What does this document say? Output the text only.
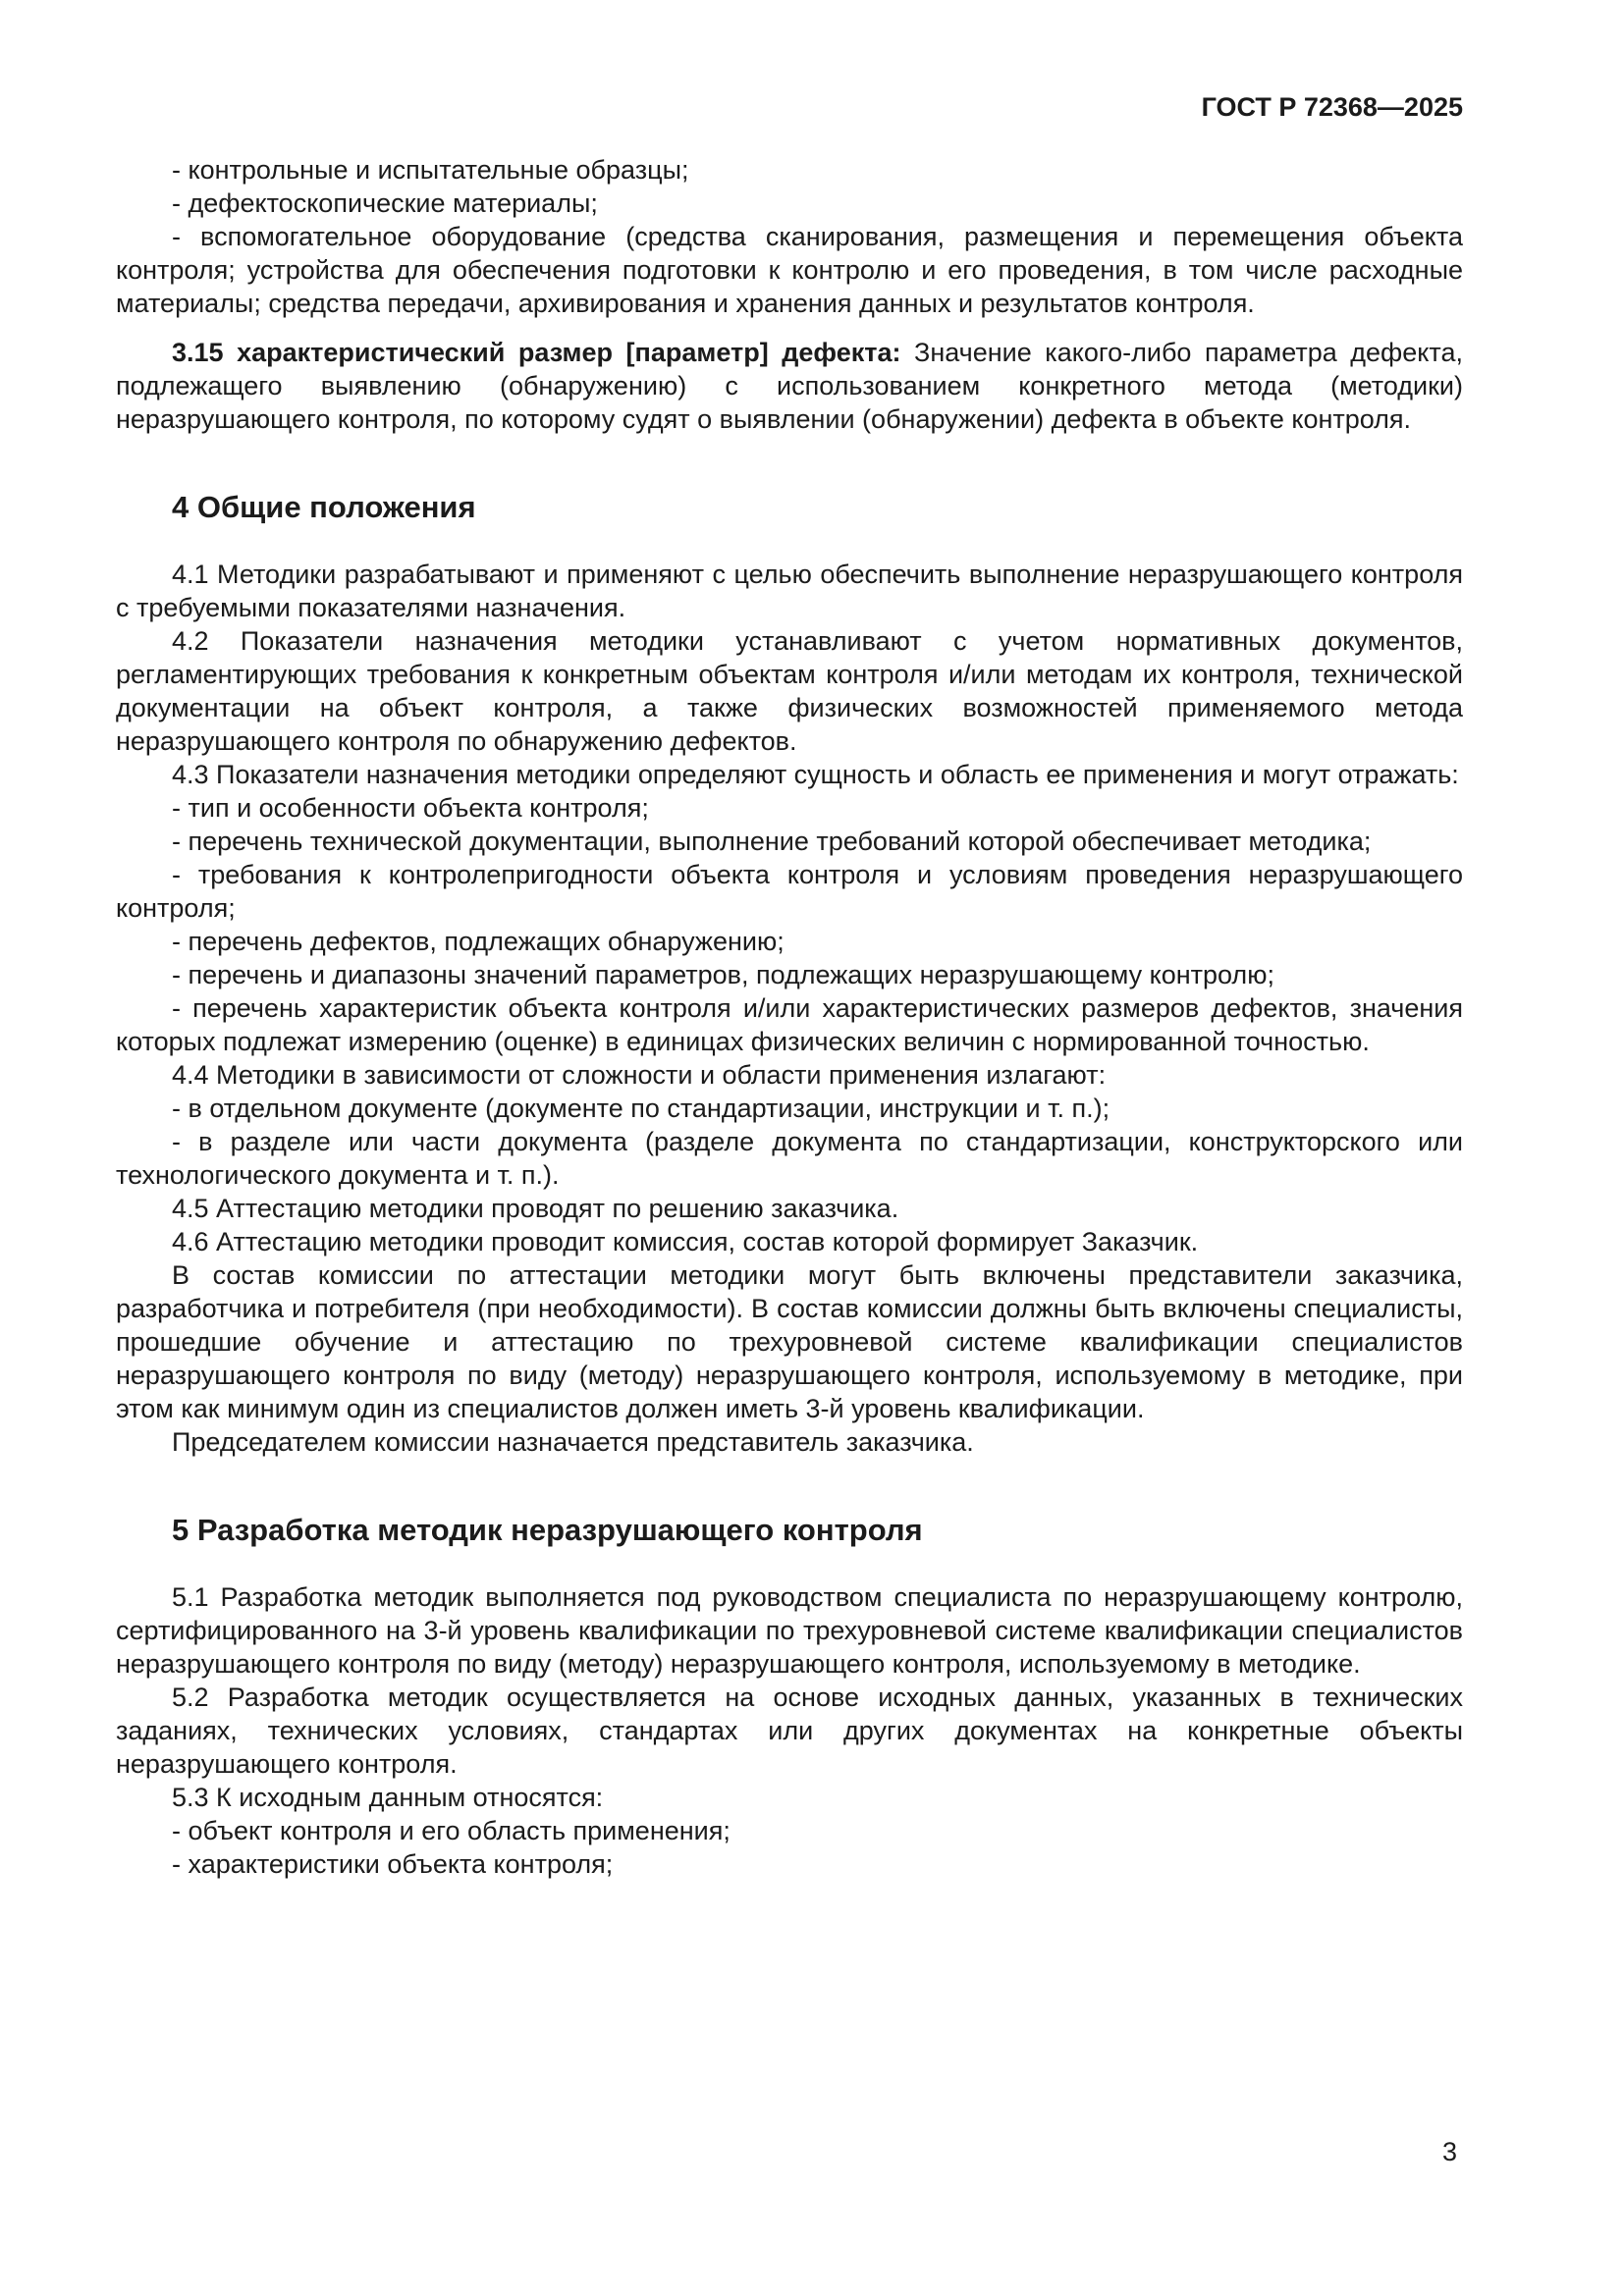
ГОСТ Р 72368—2025

- контрольные и испытательные образцы;

- дефектоскопические материалы;

- вспомогательное оборудование (средства сканирования, размещения и перемещения объекта контроля; устройства для обеспечения подготовки к контролю и его проведения, в том числе расходные материалы; средства передачи, архивирования и хранения данных и результатов контроля.

3.15 характеристический размер [параметр] дефекта: Значение какого-либо параметра дефекта, подлежащего выявлению (обнаружению) с использованием конкретного метода (методики) неразрушающего контроля, по которому судят о выявлении (обнаружении) дефекта в объекте контроля.

4 Общие положения

4.1 Методики разрабатывают и применяют с целью обеспечить выполнение неразрушающего контроля с требуемыми показателями назначения.

4.2 Показатели назначения методики устанавливают с учетом нормативных документов, регламентирующих требования к конкретным объектам контроля и/или методам их контроля, технической документации на объект контроля, а также физических возможностей применяемого метода неразрушающего контроля по обнаружению дефектов.

4.3 Показатели назначения методики определяют сущность и область ее применения и могут отражать:

- тип и особенности объекта контроля;

- перечень технической документации, выполнение требований которой обеспечивает методика;

- требования к контролепригодности объекта контроля и условиям проведения неразрушающего контроля;

- перечень дефектов, подлежащих обнаружению;

- перечень и диапазоны значений параметров, подлежащих неразрушающему контролю;

- перечень характеристик объекта контроля и/или характеристических размеров дефектов, значения которых подлежат измерению (оценке) в единицах физических величин с нормированной точностью.

4.4 Методики в зависимости от сложности и области применения излагают:

- в отдельном документе (документе по стандартизации, инструкции и т. п.);

- в разделе или части документа (разделе документа по стандартизации, конструкторского или технологического документа и т. п.).

4.5 Аттестацию методики проводят по решению заказчика.

4.6 Аттестацию методики проводит комиссия, состав которой формирует Заказчик.

В состав комиссии по аттестации методики могут быть включены представители заказчика, разработчика и потребителя (при необходимости). В состав комиссии должны быть включены специалисты, прошедшие обучение и аттестацию по трехуровневой системе квалификации специалистов неразрушающего контроля по виду (методу) неразрушающего контроля, используемому в методике, при этом как минимум один из специалистов должен иметь 3-й уровень квалификации.

Председателем комиссии назначается представитель заказчика.

5 Разработка методик неразрушающего контроля

5.1 Разработка методик выполняется под руководством специалиста по неразрушающему контролю, сертифицированного на 3-й уровень квалификации по трехуровневой системе квалификации специалистов неразрушающего контроля по виду (методу) неразрушающего контроля, используемому в методике.

5.2 Разработка методик осуществляется на основе исходных данных, указанных в технических заданиях, технических условиях, стандартах или других документах на конкретные объекты неразрушающего контроля.

5.3 К исходным данным относятся:

- объект контроля и его область применения;

- характеристики объекта контроля;

3
